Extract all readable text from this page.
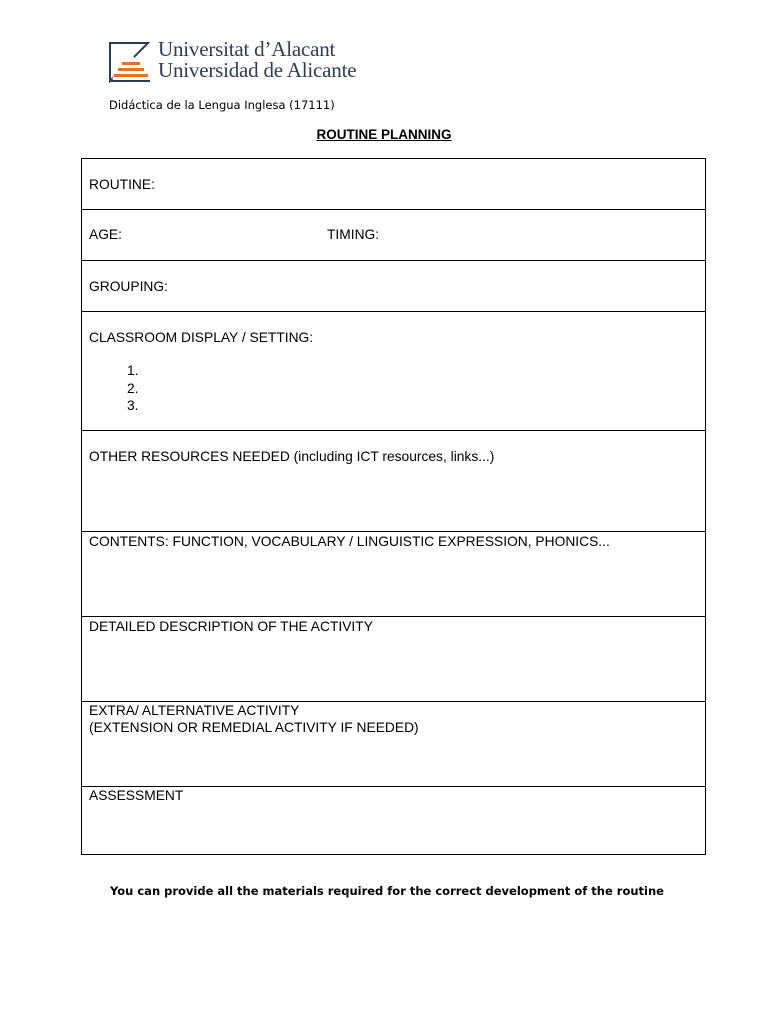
Universitat d’Alacant
Universidad de Alicante
Didáctica de la Lengua Inglesa (17111)
ROUTINE PLANNING
ROUTINE:

AGE:	TIMING:

GROUPING:
CLASSROOM DISPLAY / SETTING:
1.
2.
3.

OTHER RESOURCES NEEDED (including ICT resources, links...)
CONTENTS: FUNCTION, VOCABULARY / LINGUISTIC EXPRESSION, PHONICS...
DETAILED DESCRIPTION OF THE ACTIVITY

EXTRA/ ALTERNATIVE ACTIVITY
(EXTENSION OR REMEDIAL ACTIVITY IF NEEDED)

ASSESSMENT
You can provide all the materials required for the correct development of the routine
